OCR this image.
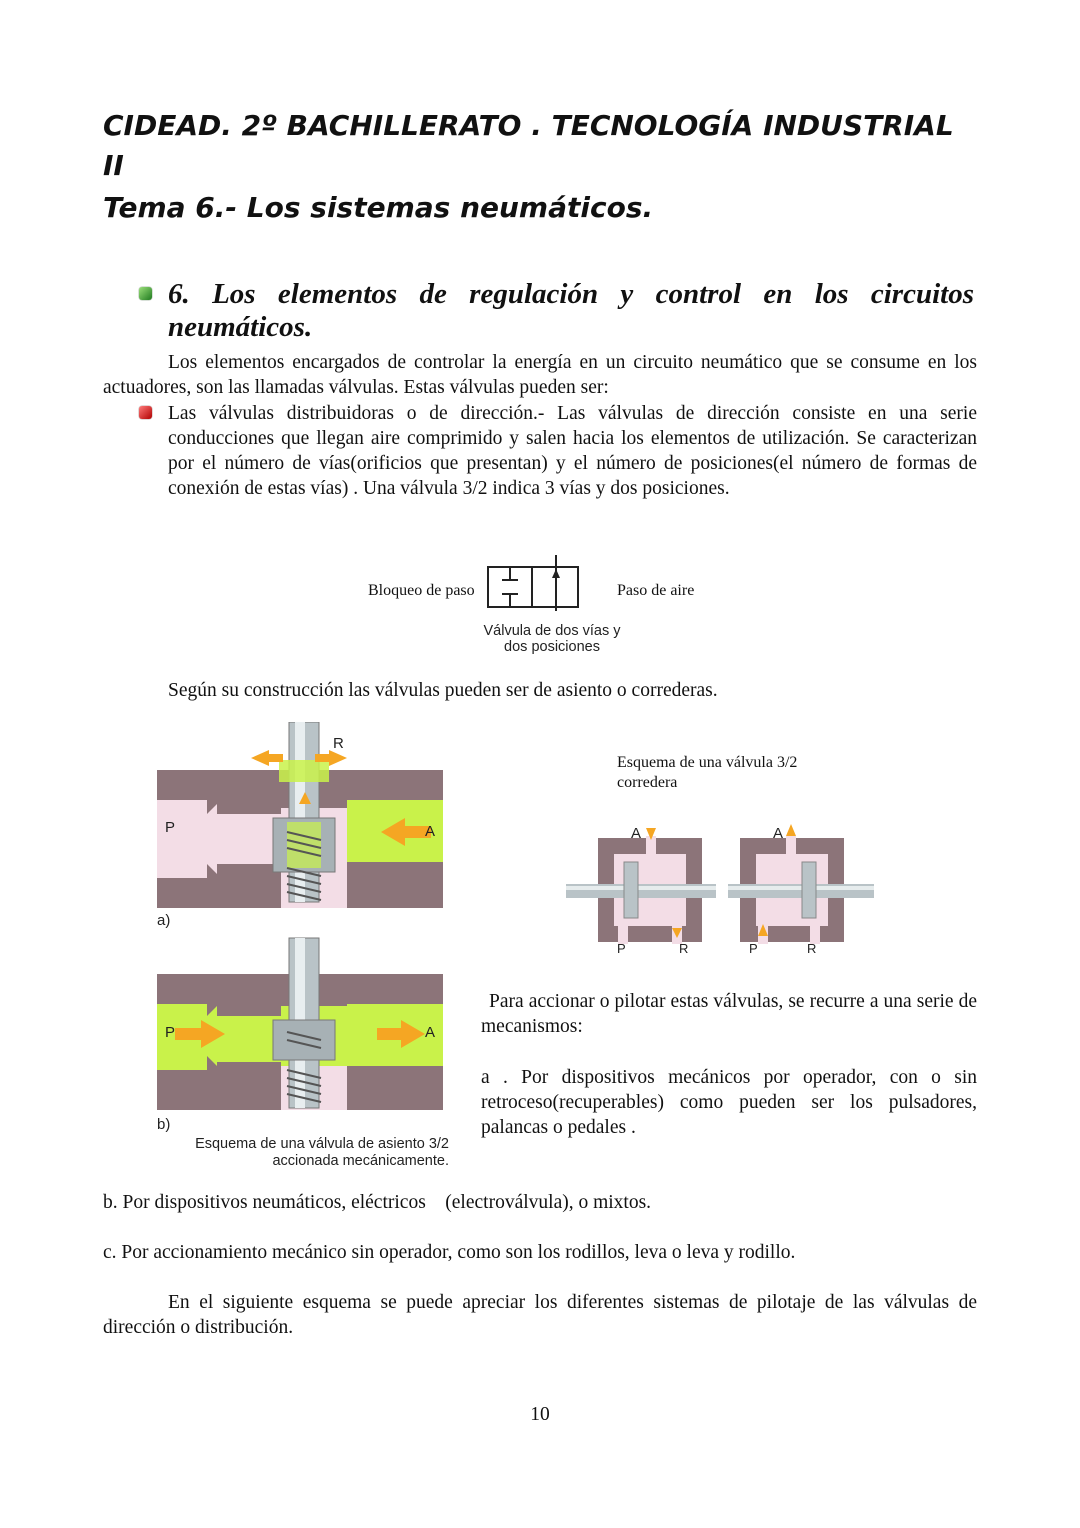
CIDEAD. 2º BACHILLERATO . TECNOLOGÍA INDUSTRIAL
II
Tema 6.- Los sistemas neumáticos.
6. Los elementos de regulación y control en los circuitos neumáticos.
Los elementos encargados de controlar la energía en un circuito neumático que se consume en los actuadores, son las llamadas válvulas. Estas válvulas pueden ser:
Las válvulas distribuidoras o de dirección.- Las válvulas de dirección consiste en una serie conducciones que llegan aire comprimido y salen hacia los elementos de utilización. Se caracterizan por el número de vías(orificios que presentan) y el número de posiciones(el número de formas de conexión de estas vías) . Una válvula 3/2 indica 3 vías y dos posiciones.
Bloqueo de paso	Paso de aire
Válvula de dos vías y
dos posiciones
Según su construcción las válvulas pueden ser de asiento o correderas.
R
P	A
a)
P	A
b)
Esquema de una válvula de asiento 3/2
accionada mecánicamente.
Esquema de una válvula 3/2
corredera
A
P	R
A
P	R
Para accionar o pilotar estas válvulas, se recurre a una serie de mecanismos:
a . Por dispositivos mecánicos por operador, con o sin retroceso(recuperables) como pueden ser los pulsadores, palancas o pedales .
b. Por dispositivos neumáticos, eléctricos    (electroválvula), o mixtos.
c. Por accionamiento mecánico sin operador, como son los rodillos, leva o leva y rodillo.
En el siguiente esquema se puede apreciar los diferentes sistemas de pilotaje de las válvulas de dirección o distribución.
10
